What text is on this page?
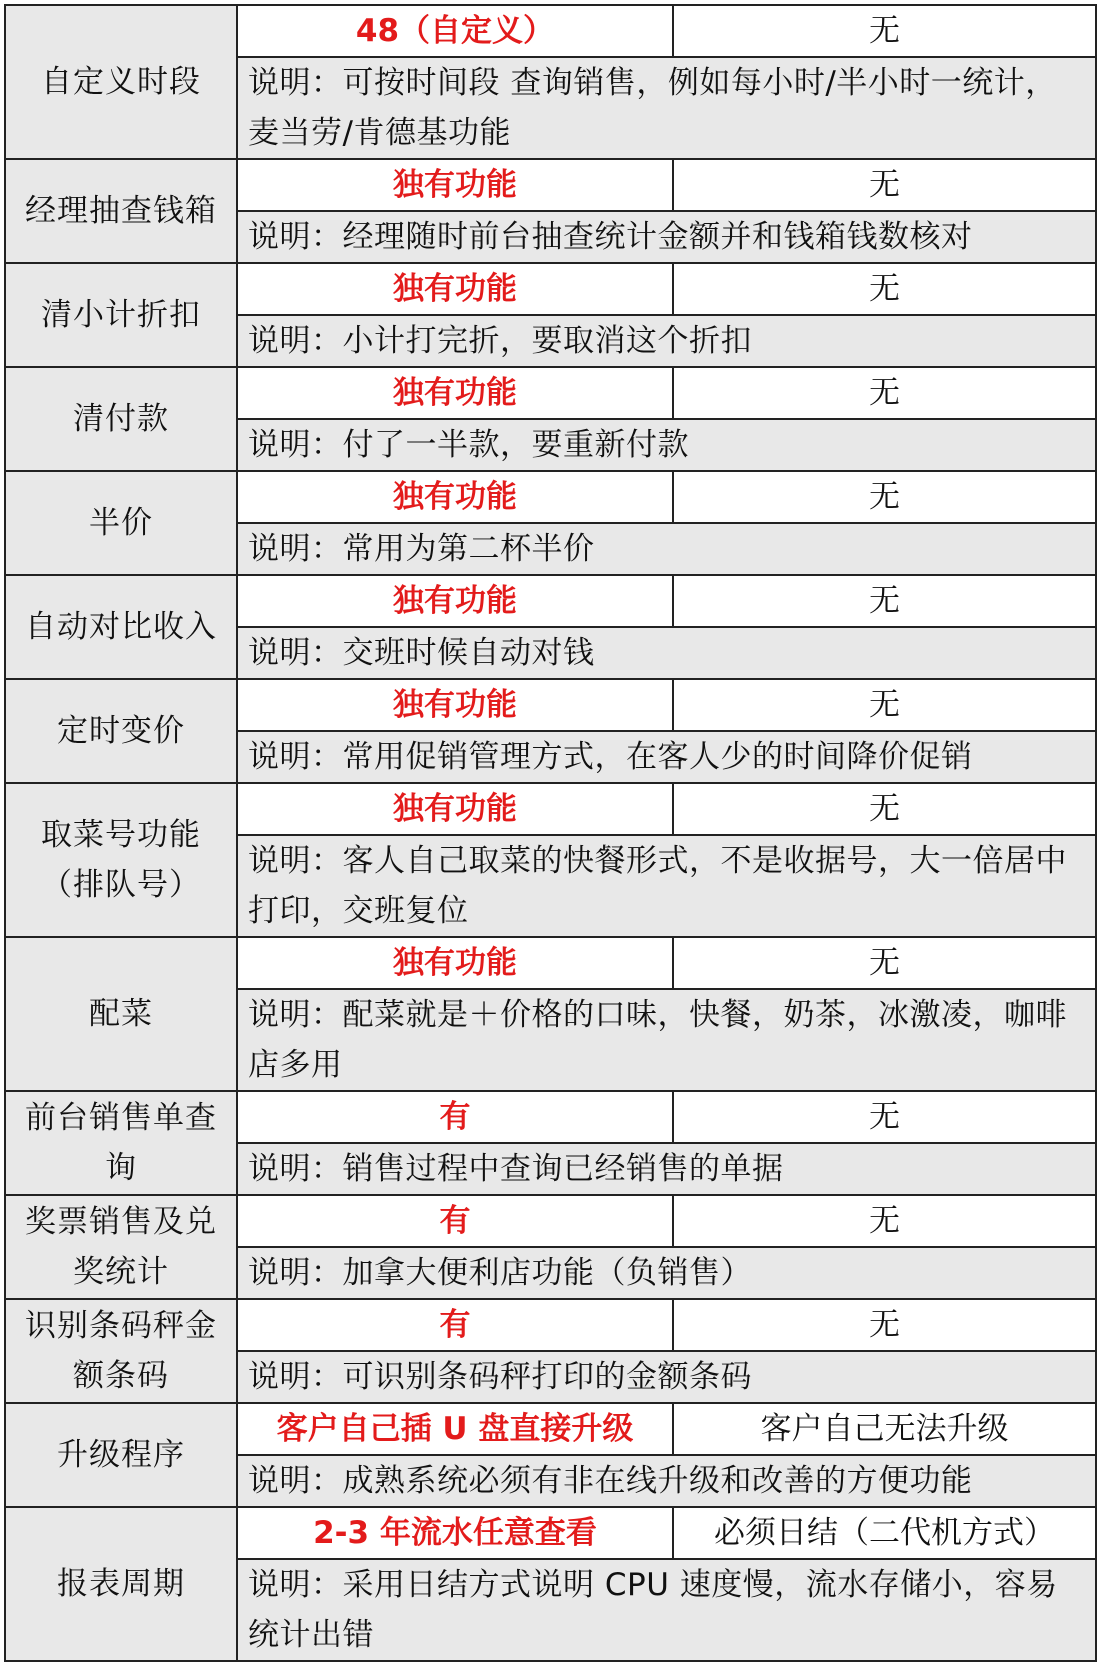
自定义时段	48（自定义）	无
	说明：可按时间段 查询销售，例如每小时/半小时一统计，麦当劳/肯德基功能	
经理抽查钱箱	独有功能	无
	说明：经理随时前台抽查统计金额并和钱箱钱数核对	
清小计折扣	独有功能	无
	说明：小计打完折，要取消这个折扣	
清付款	独有功能	无
	说明：付了一半款，要重新付款	
半价	独有功能	无
	说明：常用为第二杯半价	
自动对比收入	独有功能	无
	说明：交班时候自动对钱	
定时变价	独有功能	无
	说明：常用促销管理方式，在客人少的时间降价促销	
取菜号功能（排队号）	独有功能	无
	说明：客人自己取菜的快餐形式，不是收据号，大一倍居中打印，交班复位	
配菜	独有功能	无
	说明：配菜就是＋价格的口味，快餐，奶茶，冰激凌，咖啡店多用	
前台销售单查询	有	无
	说明：销售过程中查询已经销售的单据	
奖票销售及兑奖统计	有	无
	说明：加拿大便利店功能（负销售）	
识别条码秤金额条码	有	无
	说明：可识别条码秤打印的金额条码	
升级程序	客户自己插 U 盘直接升级	客户自己无法升级
	说明：成熟系统必须有非在线升级和改善的方便功能	
报表周期	2-3 年流水任意查看	必须日结（二代机方式）
	说明：采用日结方式说明 CPU 速度慢，流水存储小，容易统计出错	
